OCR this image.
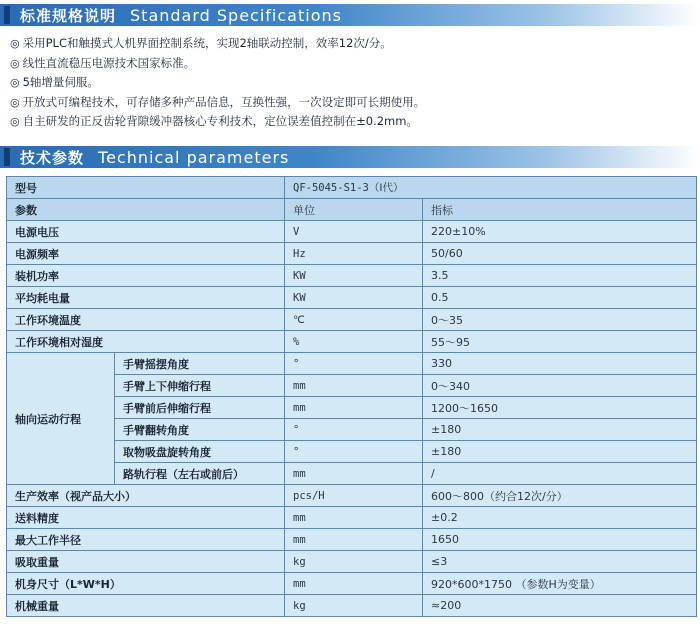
标准规格说明 Standard Specifications
◎ 采用PLC和触摸式人机界面控制系统，实现2轴联动控制，效率12次/分。
◎ 线性直流稳压电源技术国家标准。
◎ 5轴增量伺服。
◎ 开放式可编程技术，可存储多种产品信息，互换性强，一次设定即可长期使用。
◎ 自主研发的正反齿轮背隙缓冲器核心专利技术，定位误差值控制在±0.2mm。
技术参数 Technical parameters
型号		QF-5045-S1-3（Ⅰ代）	
参数		单位	指标
电源电压		V	220±10%
电源频率		Hz	50/60
装机功率		KW	3.5
平均耗电量		KW	0.5
工作环境温度		℃	0～35
工作环境相对湿度		%	55～95
轴向运动行程	手臂摇摆角度	°	330
	手臂上下伸缩行程	mm	0～340
	手臂前后伸缩行程	mm	1200～1650
	手臂翻转角度	°	±180
	取物吸盘旋转角度	°	±180
	路轨行程（左右或前后）	mm	/
生产效率（视产品大小）		pcs/H	600～800（约合12次/分）
送料精度		mm	±0.2
最大工作半径		mm	1650
吸取重量		kg	≤3
机身尺寸（L*W*H）		mm	920*600*1750 （参数H为变量）
机械重量		kg	≈200
